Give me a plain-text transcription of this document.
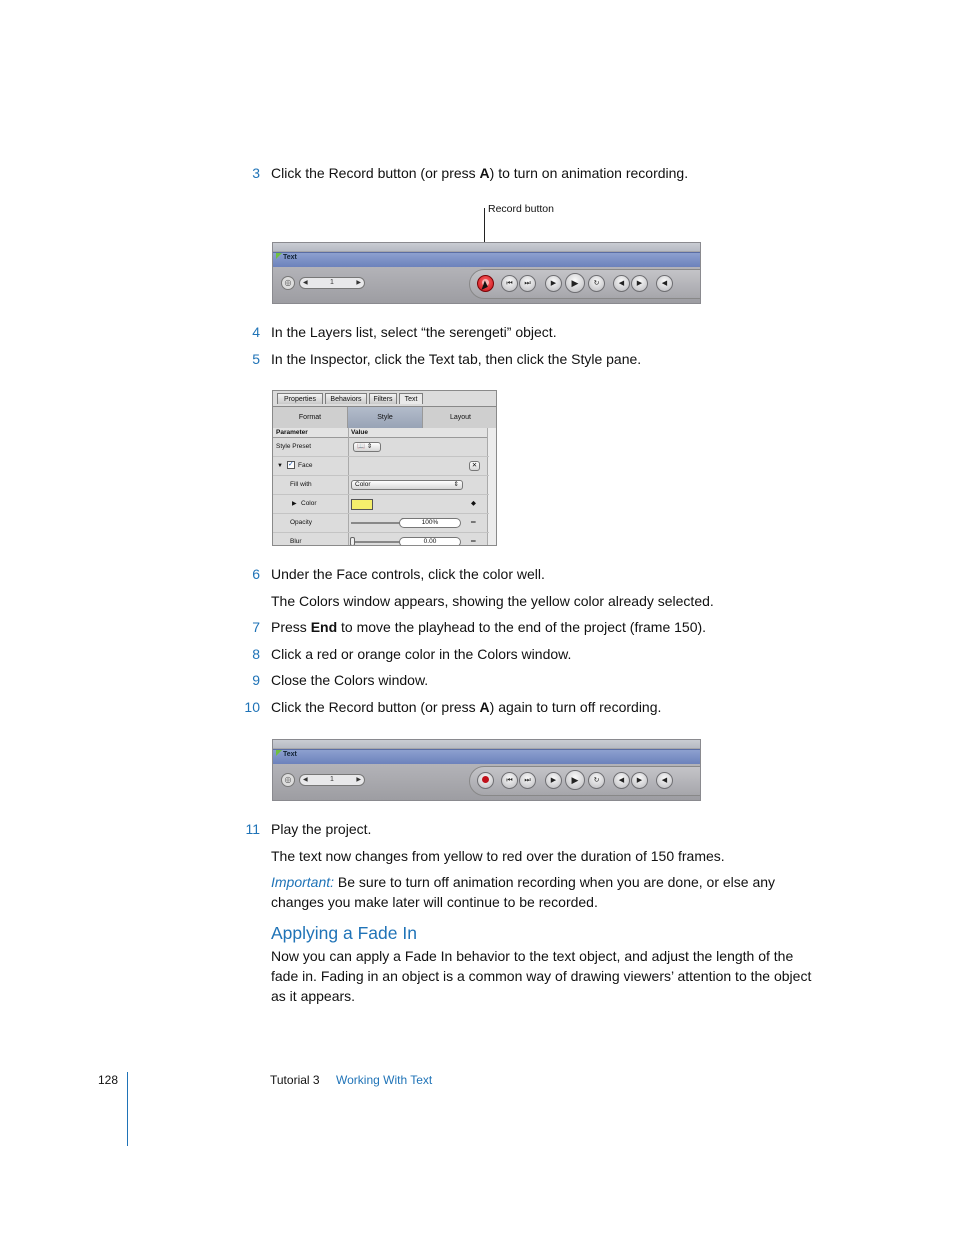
3 Click the Record button (or press A) to turn on animation recording.
Record button
Text
◎	◀	1	▶	⏮	⏭	▶	▶	↻	◀	▶	◀
4 In the Layers list, select “the serengeti” object.
5 In the Inspector, click the Text tab, then click the Style pane.
Properties	Behaviors	Filters	Text
Format	Style	Layout
Parameter	Value
Style Preset	📖 ⇕
▼ ✓ Face	✕
Fill with	Color	⇕
▶ Color	◆
Opacity	100%	═
Blur	0.00	═
6 Under the Face controls, click the color well.
The Colors window appears, showing the yellow color already selected.
7 Press End to move the playhead to the end of the project (frame 150).
8 Click a red or orange color in the Colors window.
9 Close the Colors window.
10 Click the Record button (or press A) again to turn off recording.
Text
◎	◀	1	▶	⏮	⏭	▶	▶	↻	◀	▶	◀
11 Play the project.
The text now changes from yellow to red over the duration of 150 frames.
Important: Be sure to turn off animation recording when you are done, or else any changes you make later will continue to be recorded.
Applying a Fade In
Now you can apply a Fade In behavior to the text object, and adjust the length of the fade in. Fading in an object is a common way of drawing viewers’ attention to the object as it appears.
128	Tutorial 3 Working With Text
